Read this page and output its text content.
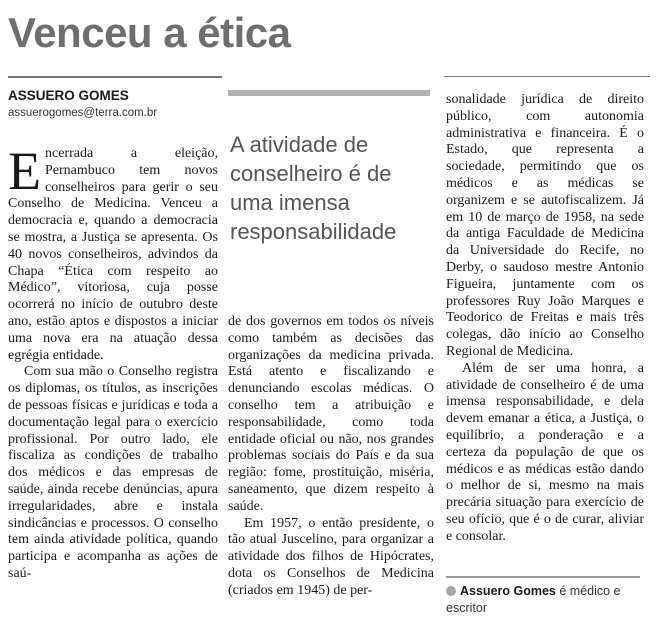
Venceu a ética
ASSUERO GOMES
assuerogomes@terra.com.br

Encerrada a eleição, Pernambuco tem novos conselheiros para gerir o seu Conselho de Medicina. Venceu a democracia e, quando a democracia se mostra, a Justiça se apresenta. Os 40 novos conselheiros, advindos da Chapa “Ética com respeito ao Médico”, vitoriosa, cuja posse ocorrerá no início de outubro deste ano, estão aptos e dispostos a iniciar uma nova era na atuação dessa egrégia entidade.

Com sua mão o Conselho registra os diplomas, os títulos, as inscrições de pessoas físicas e jurídicas e toda a documentação legal para o exercício profissional. Por outro lado, ele fiscaliza as condições de trabalho dos médicos e das empresas de saúde, ainda recebe denúncias, apura irregularidades, abre e instala sindicâncias e processos. O conselho tem ainda atividade política, quando participa e acompanha as ações de saú-

A atividade de conselheiro é de uma imensa responsabilidade

de dos governos em todos os níveis como também as decisões das organizações da medicina privada. Está atento e fiscalizando e denunciando escolas médicas. O conselho tem a atribuição e responsabilidade, como toda entidade oficial ou não, nos grandes problemas sociais do País e da sua região: fome, prostituição, miséria, saneamento, que dizem respeito à saúde.

Em 1957, o então presidente, o tão atual Juscelino, para organizar a atividade dos filhos de Hipócrates, dota os Conselhos de Medicina (criados em 1945) de per-

sonalidade jurídica de direito público, com autonomia administrativa e financeira. É o Estado, que representa a sociedade, permitindo que os médicos e as médicas se organizem e se autofiscalizem. Já em 10 de março de 1958, na sede da antiga Faculdade de Medicina da Universidade do Recife, no Derby, o saudoso mestre Antonio Figueira, juntamente com os professores Ruy João Marques e Teodorico de Freitas e mais três colegas, dão início ao Conselho Regional de Medicina.

Além de ser uma honra, a atividade de conselheiro é de uma imensa responsabilidade, e dela devem emanar a ética, a Justiça, o equilíbrio, a ponderação e a certeza da população de que os médicos e as médicas estão dando o melhor de si, mesmo na mais precária situação para exercício de seu ofício, que é o de curar, aliviar e consolar.

Assuero Gomes é médico e escritor
